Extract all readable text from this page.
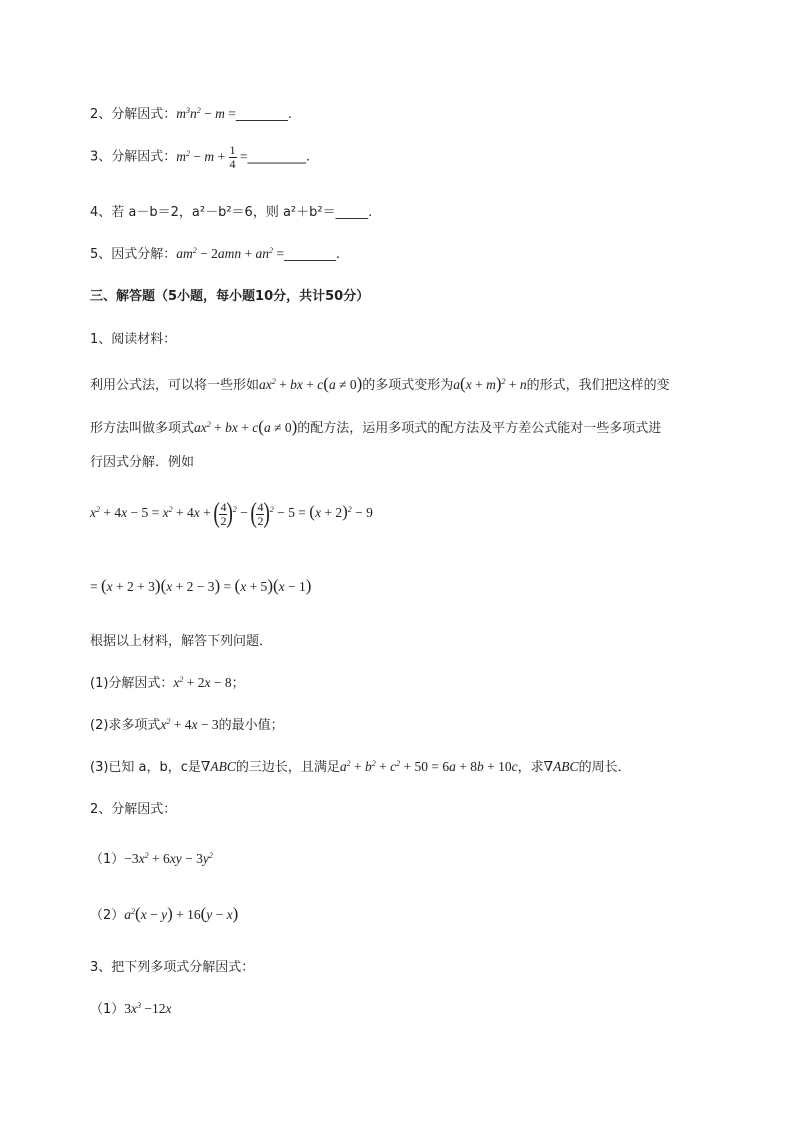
2、分解因式：$m^3n^2 - m$ =________.
3、分解因式：$m^2 - m + \frac{1}{4}$ =_________.
4、若 a－b＝2，a²－b²＝6，则 a²＋b²＝_____.
5、因式分解：$am^2 - 2amn + an^2$ =________.
三、解答题（5小题，每小题10分，共计50分）
1、阅读材料：
利用公式法，可以将一些形如$ax^2$ + bx + c(a ≠ 0)的多项式变形为$a(x + m)^2 + n$的形式，我们把这样的变
形方法叫做多项式$ax^2$ + bx + c(a ≠ 0)的配方法，运用多项式的配方法及平方差公式能对一些多项式进
行因式分解．例如
$x^2 + 4x - 5 = x^2 + 4x$ + ( $\frac{4}{2} )^2$ − ( $\frac{4}{2} )^2 - 5 = (x + 2)^2 - 9$
= (x + 2 + 3)(x + 2 − 3) = (x + 5)(x − 1)
根据以上材料，解答下列问题．
(1)分解因式：$x^2 + 2x - 8$；
(2)求多项式$x^2 + 4x - 3$的最小值；
(3)已知 a，b，c是∇ABC的三边长，且满足$a^2 + b^2 + c^2 + 50 = 6a + 8b + 10c$，求∇ABC的周长．
2、分解因式：
$(1)-3x^2 + 6xy - 3y^2$
$(2)a^2(x - y) + 16(y - x)$
3、把下列多项式分解因式：
$(1)3x^3 -12x$
